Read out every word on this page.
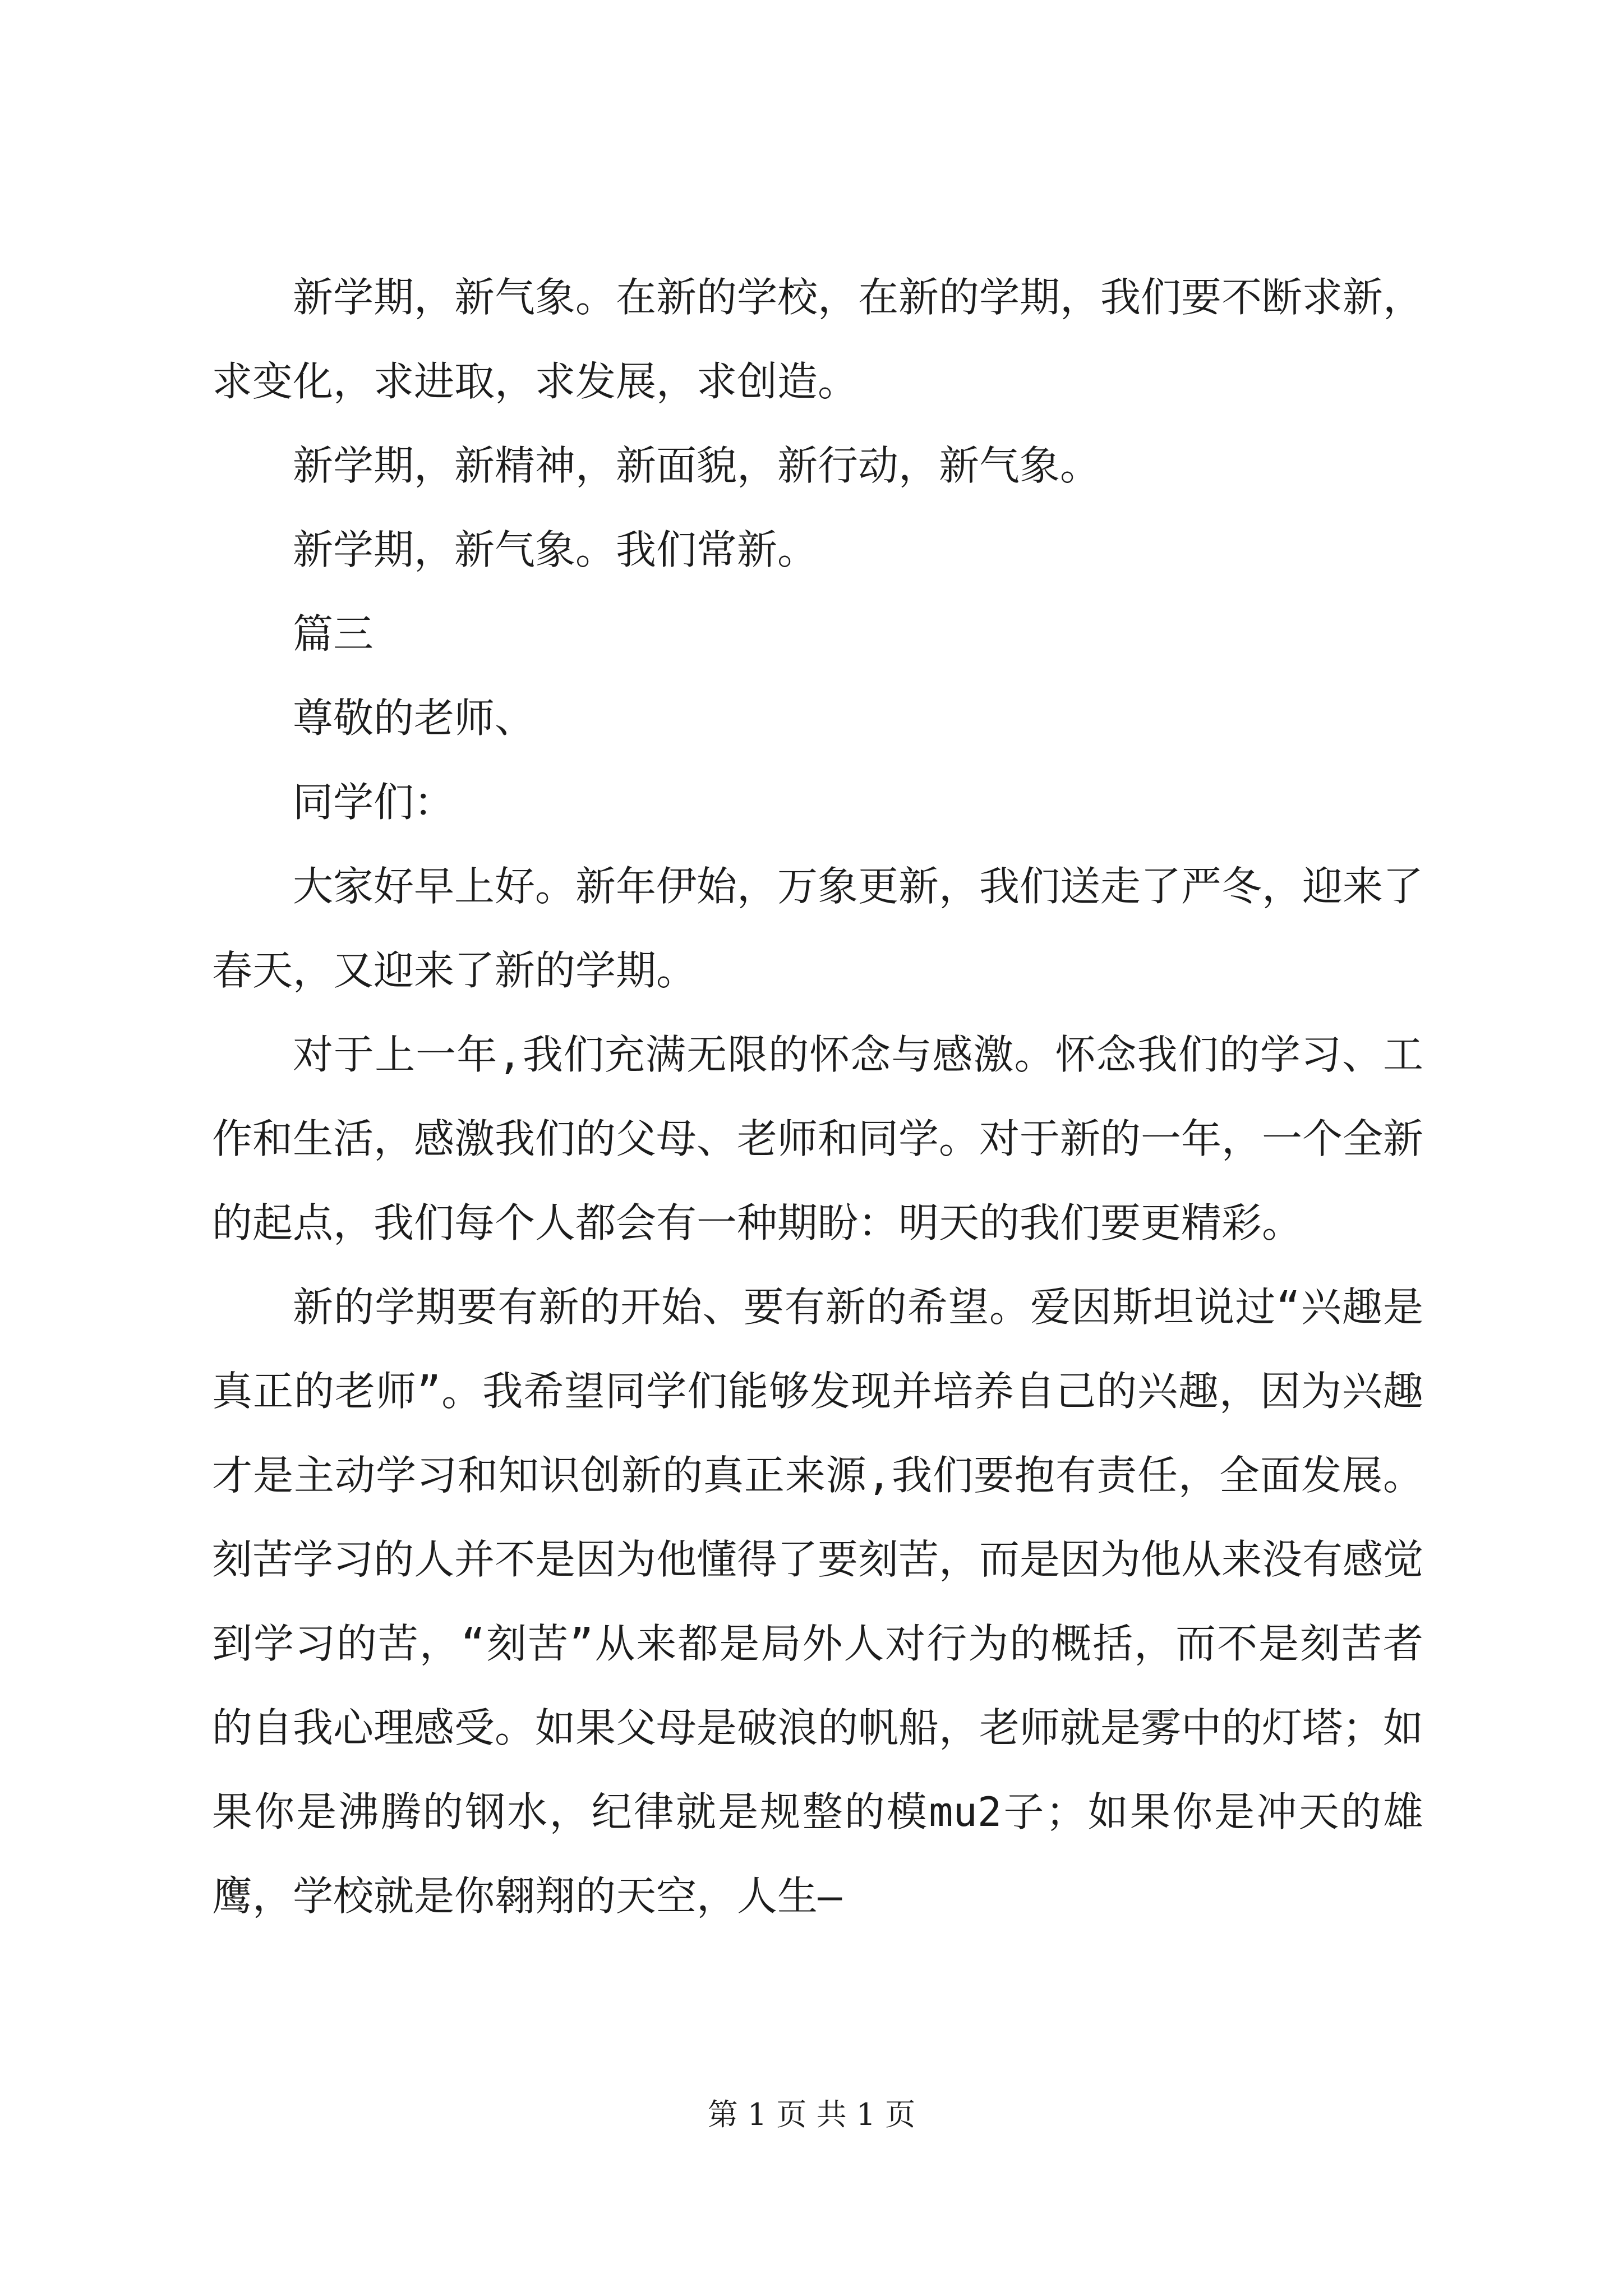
新学期，新气象。在新的学校，在新的学期，我们要不断求新，求变化，求进取，求发展，求创造。

新学期，新精神，新面貌，新行动，新气象。

新学期，新气象。我们常新。

篇三

尊敬的老师、

同学们：

大家好早上好。新年伊始，万象更新，我们送走了严冬，迎来了春天，又迎来了新的学期。

对于上一年,我们充满无限的怀念与感激。怀念我们的学习、工作和生活，感激我们的父母、老师和同学。对于新的一年，一个全新的起点，我们每个人都会有一种期盼：明天的我们要更精彩。

新的学期要有新的开始、要有新的希望。爱因斯坦说过“兴趣是真正的老师”。我希望同学们能够发现并培养自己的兴趣，因为兴趣才是主动学习和知识创新的真正来源,我们要抱有责任，全面发展。刻苦学习的人并不是因为他懂得了要刻苦，而是因为他从来没有感觉到学习的苦，“刻苦”从来都是局外人对行为的概括，而不是刻苦者的自我心理感受。如果父母是破浪的帆船，老师就是雾中的灯塔；如果你是沸腾的钢水，纪律就是规整的模mu2子；如果你是冲天的雄鹰，学校就是你翱翔的天空，人生—

第 1 页 共 1 页
